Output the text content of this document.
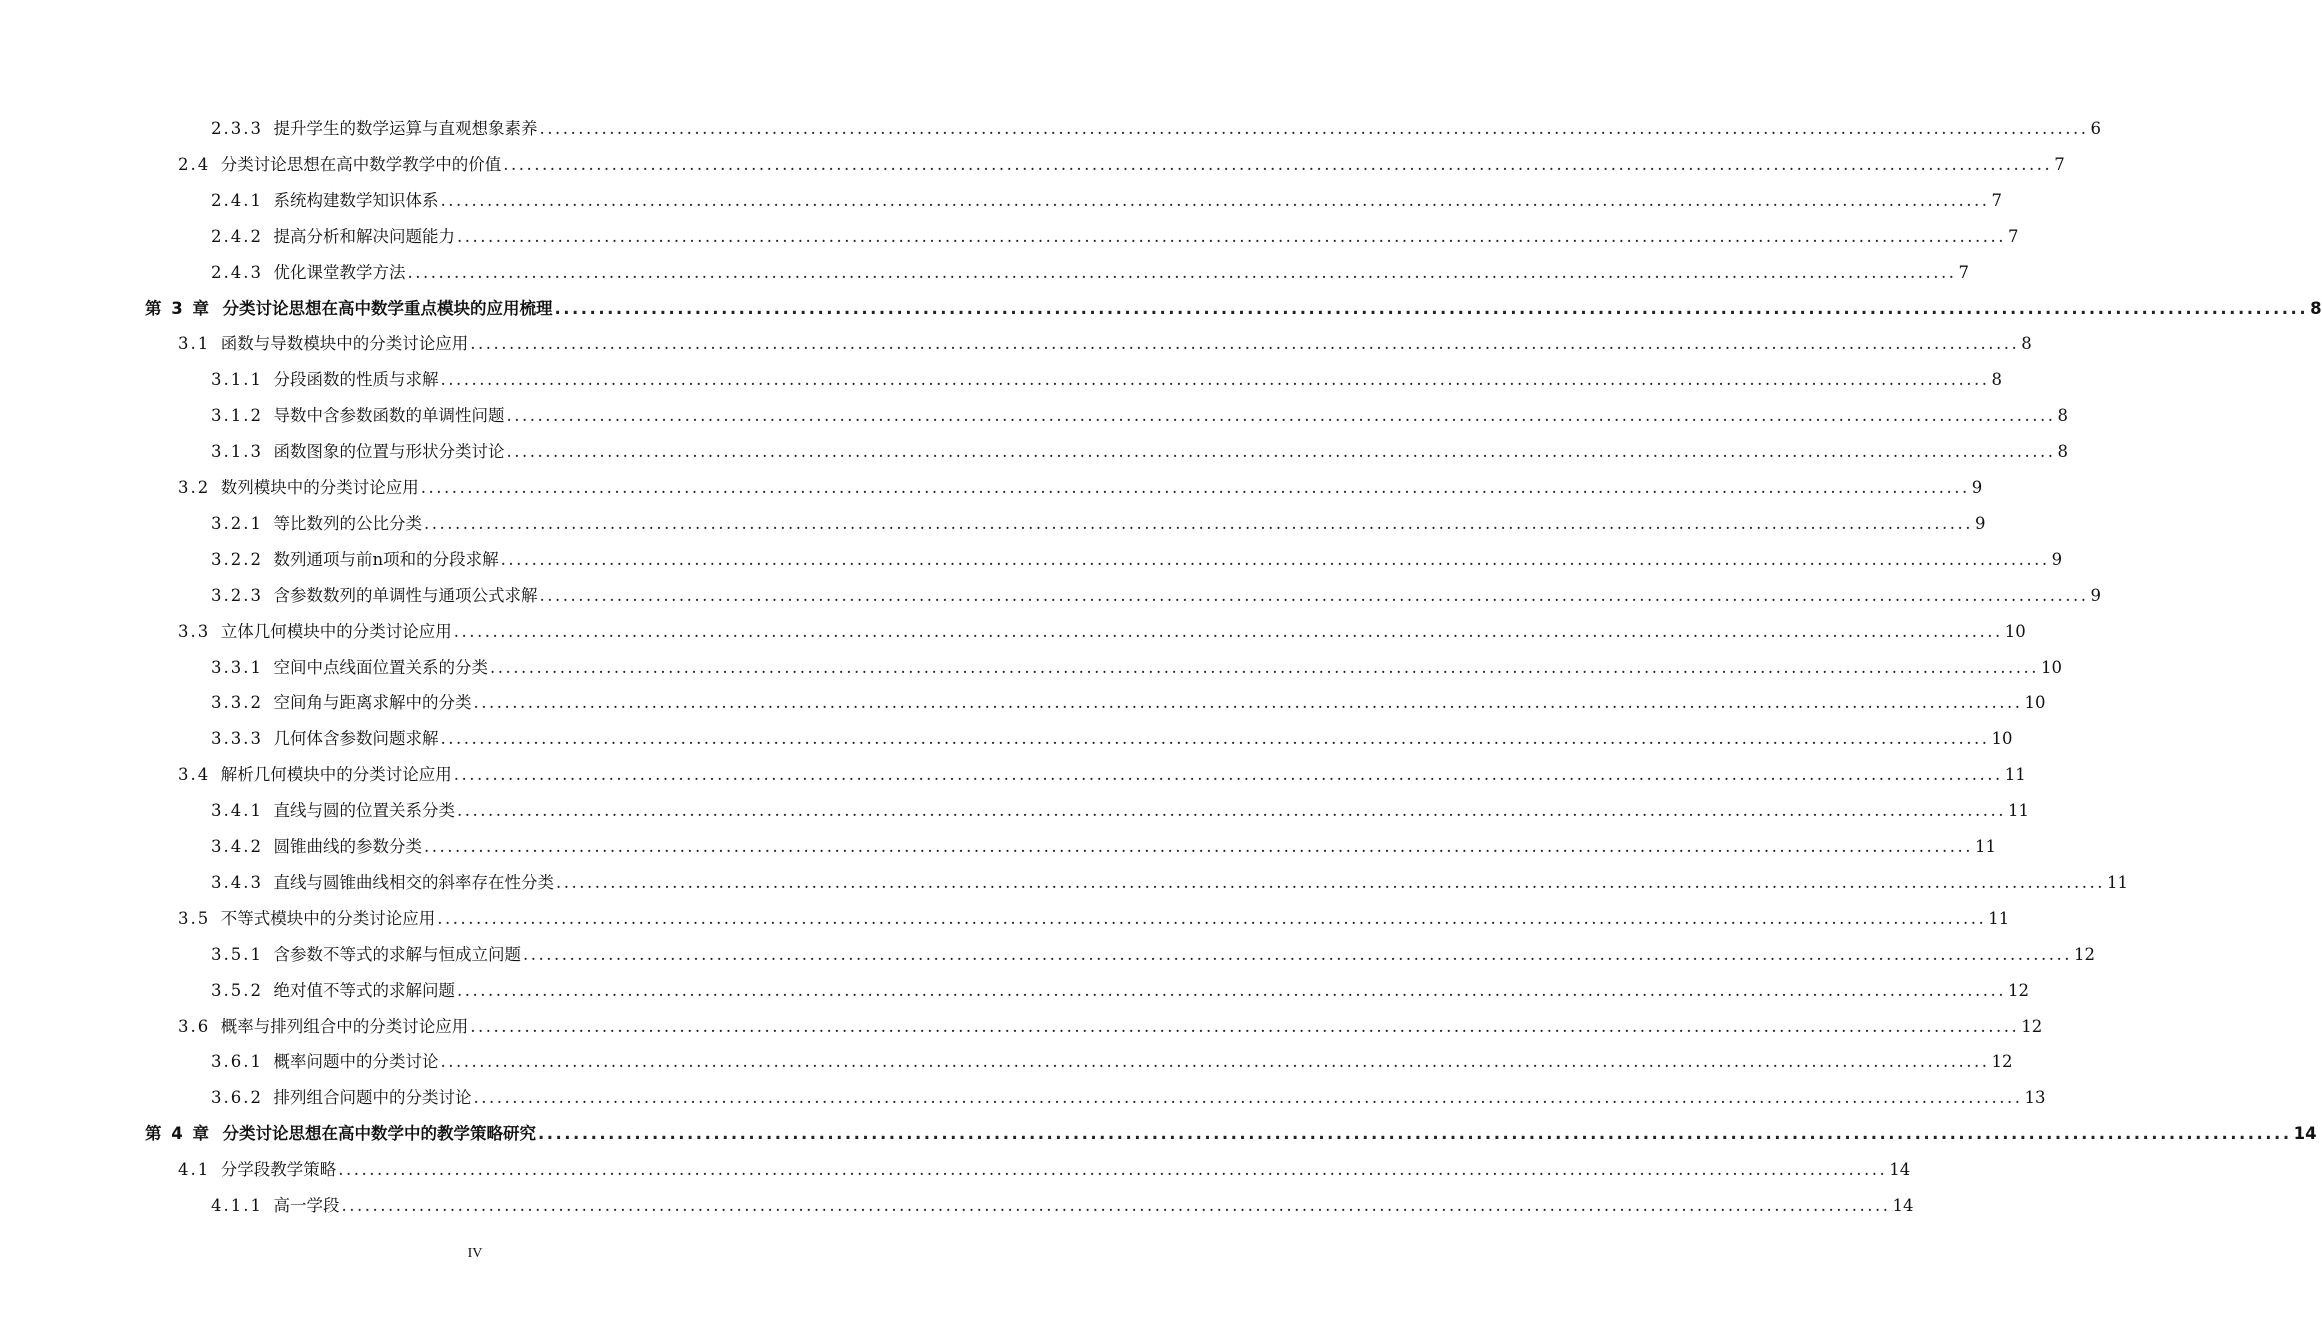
2.3.3
提升学生的数学运算与直观想象素养 ........................................................................................................................................................................................................ 6
2.4
分类讨论思想在高中数学教学中的价值 ........................................................................................................................................................................................................ 7
2.4.1
系统构建数学知识体系 ........................................................................................................................................................................................................ 7
2.4.2
提高分析和解决问题能力 ........................................................................................................................................................................................................ 7
2.4.3
优化课堂教学方法 ........................................................................................................................................................................................................ 7
第 3 章
分类讨论思想在高中数学重点模块的应用梳理 ........................................................................................................................................................................................................ 8
3.1
函数与导数模块中的分类讨论应用 ........................................................................................................................................................................................................ 8
3.1.1
分段函数的性质与求解 ........................................................................................................................................................................................................ 8
3.1.2
导数中含参数函数的单调性问题 ........................................................................................................................................................................................................ 8
3.1.3
函数图象的位置与形状分类讨论 ........................................................................................................................................................................................................ 8
3.2
数列模块中的分类讨论应用 ........................................................................................................................................................................................................ 9
3.2.1
等比数列的公比分类 ........................................................................................................................................................................................................ 9
3.2.2
数列通项与前n项和的分段求解 ........................................................................................................................................................................................................ 9
3.2.3
含参数数列的单调性与通项公式求解 ........................................................................................................................................................................................................ 9
3.3
立体几何模块中的分类讨论应用 ........................................................................................................................................................................................................ 10
3.3.1
空间中点线面位置关系的分类 ........................................................................................................................................................................................................ 10
3.3.2
空间角与距离求解中的分类 ........................................................................................................................................................................................................ 10
3.3.3
几何体含参数问题求解 ........................................................................................................................................................................................................ 10
3.4
解析几何模块中的分类讨论应用 ........................................................................................................................................................................................................ 11
3.4.1
直线与圆的位置关系分类 ........................................................................................................................................................................................................ 11
3.4.2
圆锥曲线的参数分类 ........................................................................................................................................................................................................ 11
3.4.3
直线与圆锥曲线相交的斜率存在性分类 ........................................................................................................................................................................................................ 11
3.5
不等式模块中的分类讨论应用 ........................................................................................................................................................................................................ 11
3.5.1
含参数不等式的求解与恒成立问题 ........................................................................................................................................................................................................ 12
3.5.2
绝对值不等式的求解问题 ........................................................................................................................................................................................................ 12
3.6
概率与排列组合中的分类讨论应用 ........................................................................................................................................................................................................ 12
3.6.1
概率问题中的分类讨论 ........................................................................................................................................................................................................ 12
3.6.2
排列组合问题中的分类讨论 ........................................................................................................................................................................................................ 13
第 4 章
分类讨论思想在高中数学中的教学策略研究 ........................................................................................................................................................................................................ 14
4.1
分学段教学策略 ........................................................................................................................................................................................................ 14
4.1.1
高一学段 ........................................................................................................................................................................................................ 14
IV
